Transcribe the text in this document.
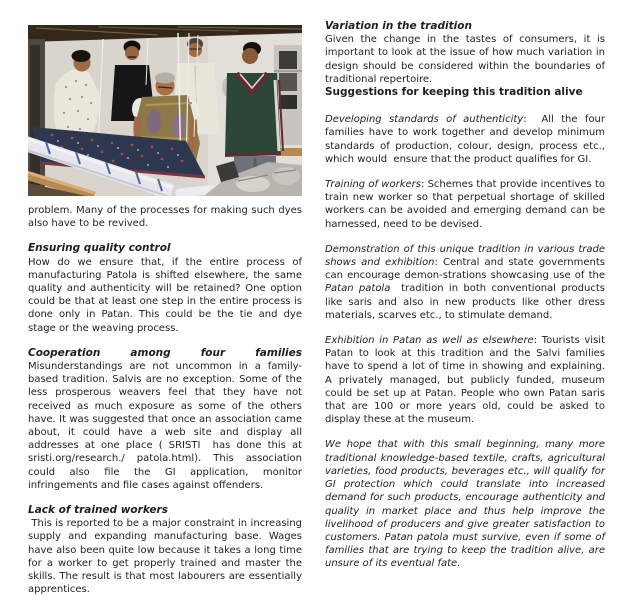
problem. Many of the processes for making such dyes also have to be revived.

Ensuring quality control

How do we ensure that, if the entire process of manufacturing Patola is shifted elsewhere, the same quality and authenticity will be retained? One option could be that at least one step in the entire process is done only in Patan. This could be the tie and dye stage or the weaving process.

Cooperation among four families

Misunderstandings are not uncommon in a family-based tradition. Salvis are no exception. Some of the less prosperous weavers feel that they have not received as much exposure as some of the others have. It was suggested that once an association came about, it could have a web site and display all addresses at one place ( SRISTI  has done this at sristi.org/research./ patola.html). This association could also file the GI application, monitor infringements and file cases against offenders.

Lack of trained workers

This is reported to be a major constraint in increasing supply and expanding manufacturing base. Wages have also been quite low because it takes a long time for a worker to get properly trained and master the skills. The result is that most labourers are essentially apprentices.

Variation in the tradition

Given the change in the tastes of consumers, it is important to look at the issue of how much variation in design should be considered within the boundaries of traditional repertoire.

Suggestions for keeping this tradition alive

Developing standards of authenticity:  All the four families have to work together and develop minimum standards of production, colour, design, process etc., which would  ensure that the product qualifies for GI.

Training of workers: Schemes that provide incentives to train new worker so that perpetual shortage of skilled workers can be avoided and emerging demand can be harnessed, need to be devised.

Demonstration of this unique tradition in various trade shows and exhibition: Central and state governments can encourage demon-strations showcasing use of the Patan patola  tradition in both conventional products like saris and also in new products like other dress materials, scarves etc., to stimulate demand.

Exhibition in Patan as well as elsewhere: Tourists visit Patan to look at this tradition and the Salvi families have to spend a lot of time in showing and explaining. A privately managed, but publicly funded, museum could be set up at Patan. People who own Patan saris that are 100 or more years old, could be asked to display these at the museum.

We hope that with this small beginning, many more traditional knowledge-based textile, crafts, agricultural varieties, food products, beverages etc., will qualify for GI protection which could translate into increased demand for such products, encourage authenticity and quality in market place and thus help improve the livelihood of producers and give greater satisfaction to customers. Patan patola must survive, even if some of families that are trying to keep the tradition alive, are unsure of its eventual fate.
